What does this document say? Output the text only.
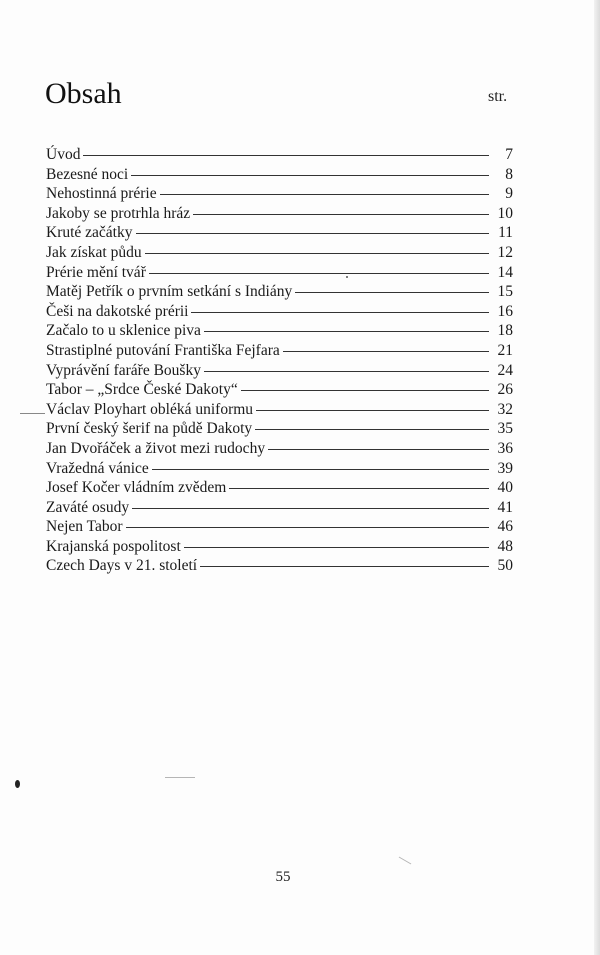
Obsah	str.
Úvod	7
Bezesné noci	8
Nehostinná prérie	9
Jakoby se protrhla hráz	10
Kruté začátky	11
Jak získat půdu	12
Prérie mění tvář	14
Matěj Petřík o prvním setkání s Indiány	15
Češi na dakotské prérii	16
Začalo to u sklenice piva	18
Strastiplné putování Františka Fejfara	21
Vyprávění faráře Boušky	24
Tabor – „Srdce České Dakoty“	26
Václav Ployhart obléká uniformu	32
První český šerif na půdě Dakoty	35
Jan Dvořáček a život mezi rudochy	36
Vražedná vánice	39
Josef Kočer vládním zvědem	40
Zaváté osudy	41
Nejen Tabor	46
Krajanská pospolitost	48
Czech Days v 21. století	50
55
